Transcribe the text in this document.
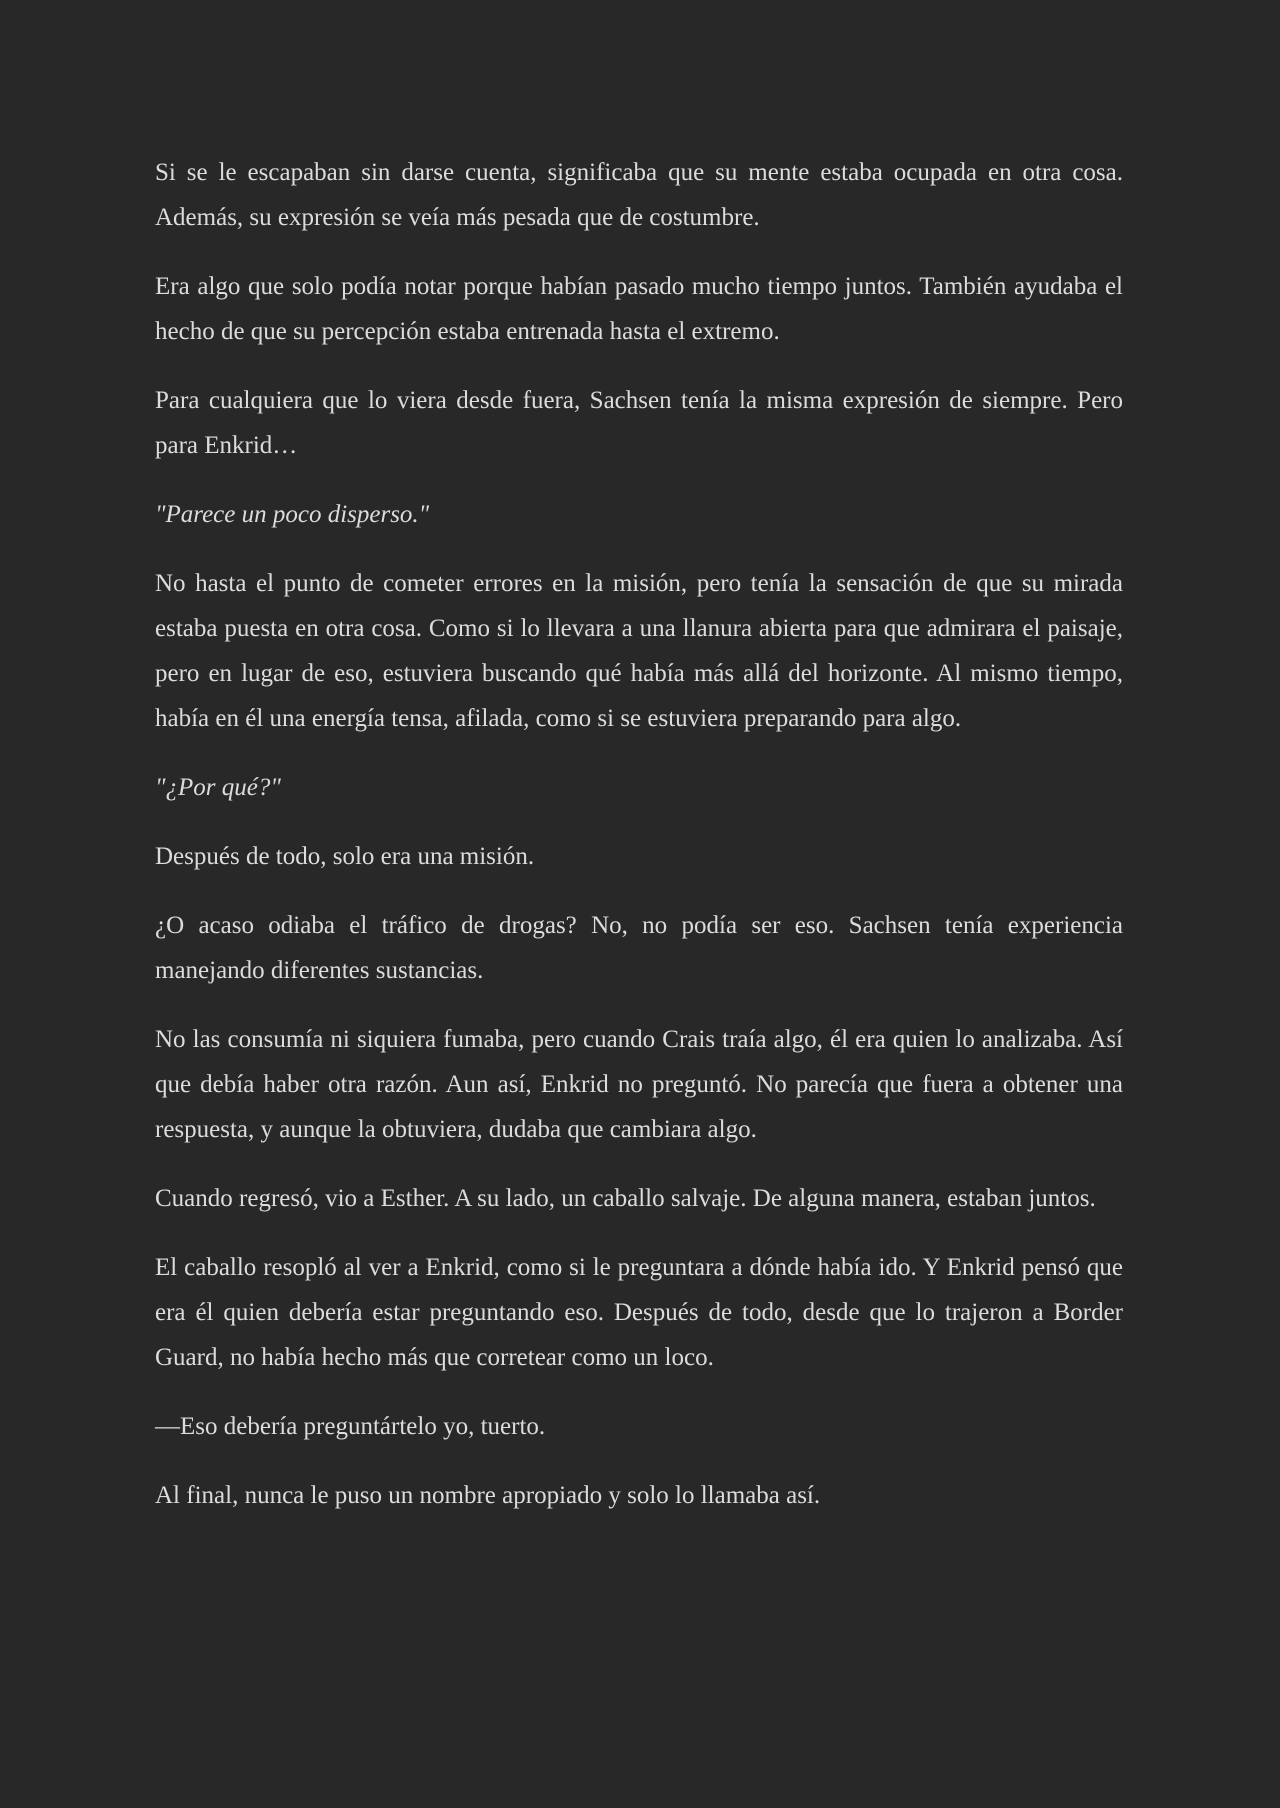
Si se le escapaban sin darse cuenta, significaba que su mente estaba ocupada en otra cosa. Además, su expresión se veía más pesada que de costumbre.

Era algo que solo podía notar porque habían pasado mucho tiempo juntos. También ayudaba el hecho de que su percepción estaba entrenada hasta el extremo.

Para cualquiera que lo viera desde fuera, Sachsen tenía la misma expresión de siempre. Pero para Enkrid…

"Parece un poco disperso."

No hasta el punto de cometer errores en la misión, pero tenía la sensación de que su mirada estaba puesta en otra cosa. Como si lo llevara a una llanura abierta para que admirara el paisaje, pero en lugar de eso, estuviera buscando qué había más allá del horizonte. Al mismo tiempo, había en él una energía tensa, afilada, como si se estuviera preparando para algo.

"¿Por qué?"

Después de todo, solo era una misión.

¿O acaso odiaba el tráfico de drogas? No, no podía ser eso. Sachsen tenía experiencia manejando diferentes sustancias.

No las consumía ni siquiera fumaba, pero cuando Crais traía algo, él era quien lo analizaba. Así que debía haber otra razón. Aun así, Enkrid no preguntó. No parecía que fuera a obtener una respuesta, y aunque la obtuviera, dudaba que cambiara algo.

Cuando regresó, vio a Esther. A su lado, un caballo salvaje. De alguna manera, estaban juntos.

El caballo resopló al ver a Enkrid, como si le preguntara a dónde había ido. Y Enkrid pensó que era él quien debería estar preguntando eso. Después de todo, desde que lo trajeron a Border Guard, no había hecho más que corretear como un loco.

—Eso debería preguntártelo yo, tuerto.

Al final, nunca le puso un nombre apropiado y solo lo llamaba así.
